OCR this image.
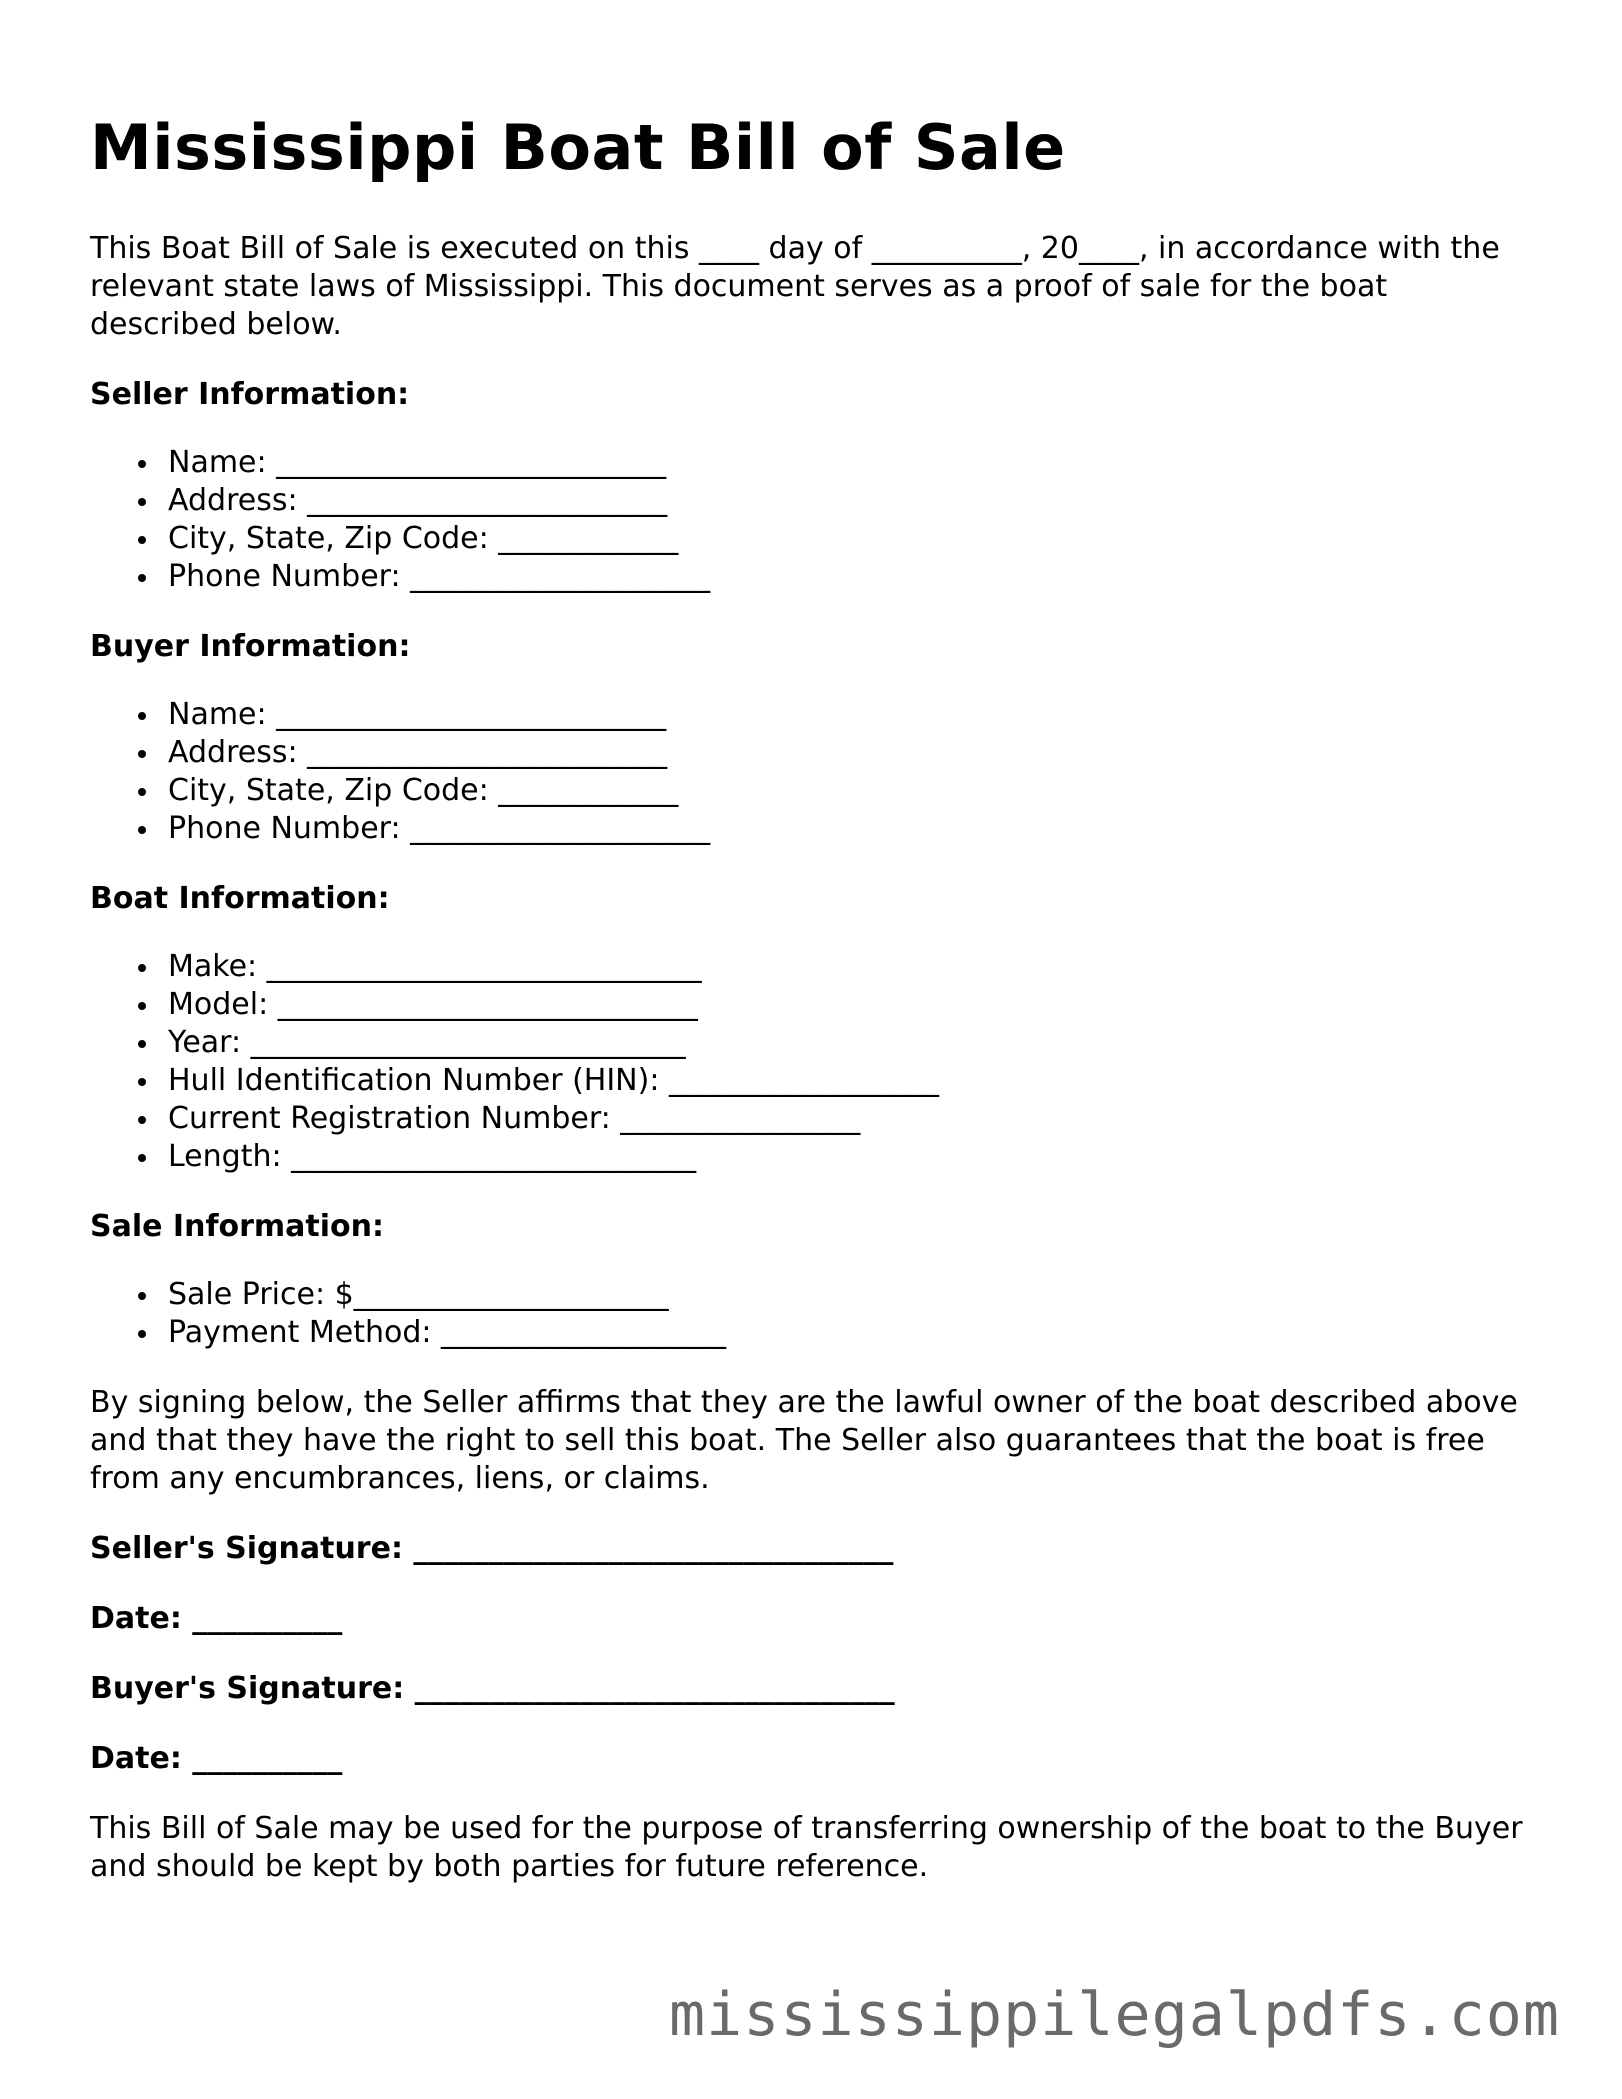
Mississippi Boat Bill of Sale

This Boat Bill of Sale is executed on this ____ day of __________, 20____, in accordance with the relevant state laws of Mississippi. This document serves as a proof of sale for the boat described below.

Seller Information:
Name: __________________________
Address: ________________________
City, State, Zip Code: ____________
Phone Number: ____________________
Buyer Information:
Name: __________________________
Address: ________________________
City, State, Zip Code: ____________
Phone Number: ____________________
Boat Information:
Make: _____________________________
Model: ____________________________
Year: _____________________________
Hull Identification Number (HIN): __________________
Current Registration Number: ________________
Length: ___________________________
Sale Information:
Sale Price: $_____________________
Payment Method: ___________________

By signing below, the Seller affirms that they are the lawful owner of the boat described above and that they have the right to sell this boat. The Seller also guarantees that the boat is free from any encumbrances, liens, or claims.

Seller's Signature: ________________________________
Date: __________
Buyer's Signature: ________________________________
Date: __________

This Bill of Sale may be used for the purpose of transferring ownership of the boat to the Buyer and should be kept by both parties for future reference.

mississippilegalpdfs.com
